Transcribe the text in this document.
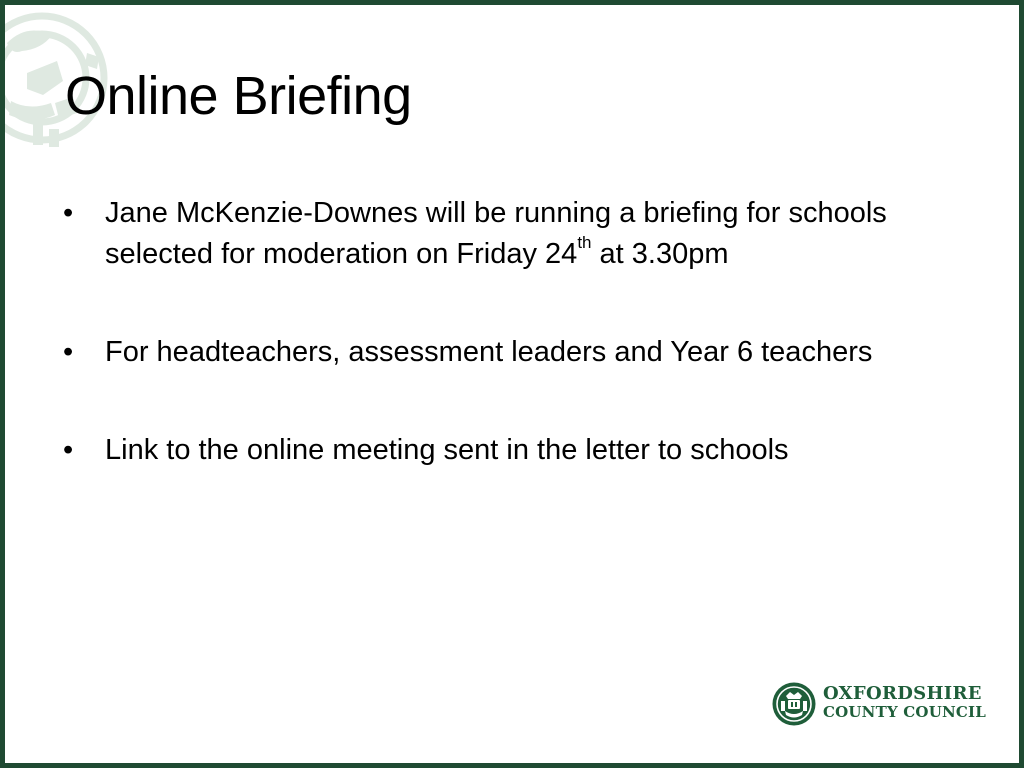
Online Briefing
• Jane McKenzie-Downes will be running a briefing for schools selected for moderation on Friday 24th at 3.30pm
• For headteachers, assessment leaders and Year 6 teachers
• Link to the online meeting sent in the letter to schools
OXFORDSHIRE
COUNTY COUNCIL
